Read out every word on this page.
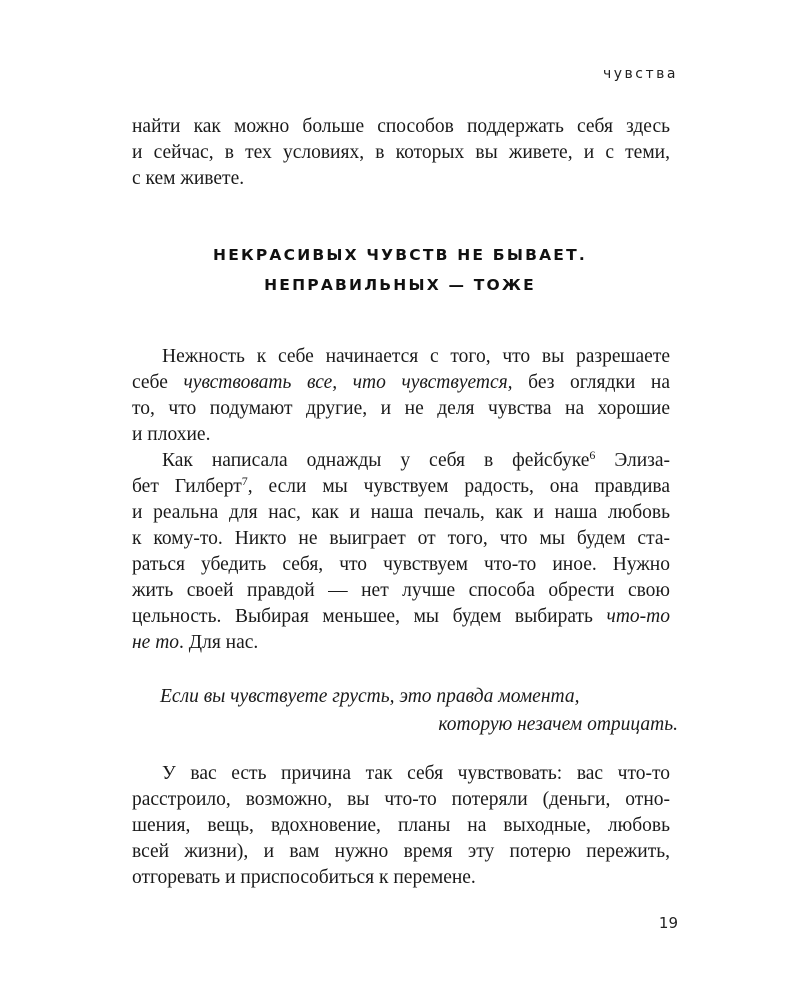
чувства
найти как можно больше способов поддержать себя здесь
и сейчас, в тех условиях, в которых вы живете, и с теми,
с кем живете.
НЕКРАСИВЫХ ЧУВСТВ НЕ БЫВАЕТ.
НЕПРАВИЛЬНЫХ — ТОЖЕ
Нежность к себе начинается с того, что вы разрешаете
себе чувствовать все, что чувствуется, без оглядки на
то, что подумают другие, и не деля чувства на хорошие
и плохие.
Как написала однажды у себя в фейсбуке$^6$ Элиза-
бет Гилберт$^7$, если мы чувствуем радость, она правдива
и реальна для нас, как и наша печаль, как и наша любовь
к кому-то. Никто не выиграет от того, что мы будем ста-
раться убедить себя, что чувствуем что-то иное. Нужно
жить своей правдой — нет лучше способа обрести свою
цельность. Выбирая меньшее, мы будем выбирать что-то
не то. Для нас.
Если вы чувствуете грусть, это правда момента,
которую незачем отрицать.
У вас есть причина так себя чувствовать: вас что-то
расстроило, возможно, вы что-то потеряли (деньги, отно-
шения, вещь, вдохновение, планы на выходные, любовь
всей жизни), и вам нужно время эту потерю пережить,
отгоревать и приспособиться к перемене.
19
